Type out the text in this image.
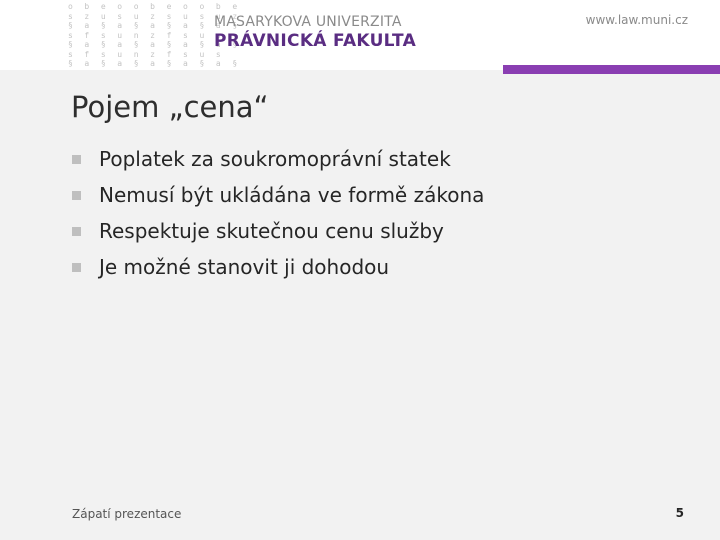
o b e o o b e o o b e
s z u s u z s u s u z
§ a § a § a § a § a §
s f s u n z f s u s
§ a § a § a § a § a §
s f s u n z f s u s
§ a § a § a § a § a §
MASARYKOVA UNIVERZITA
PRÁVNICKÁ FAKULTA
www.law.muni.cz
Pojem „cena“
Poplatek za soukromoprávní statek
Nemusí být ukládána ve formě zákona
Respektuje skutečnou cenu služby
Je možné stanovit ji dohodou
Zápatí prezentace	5
